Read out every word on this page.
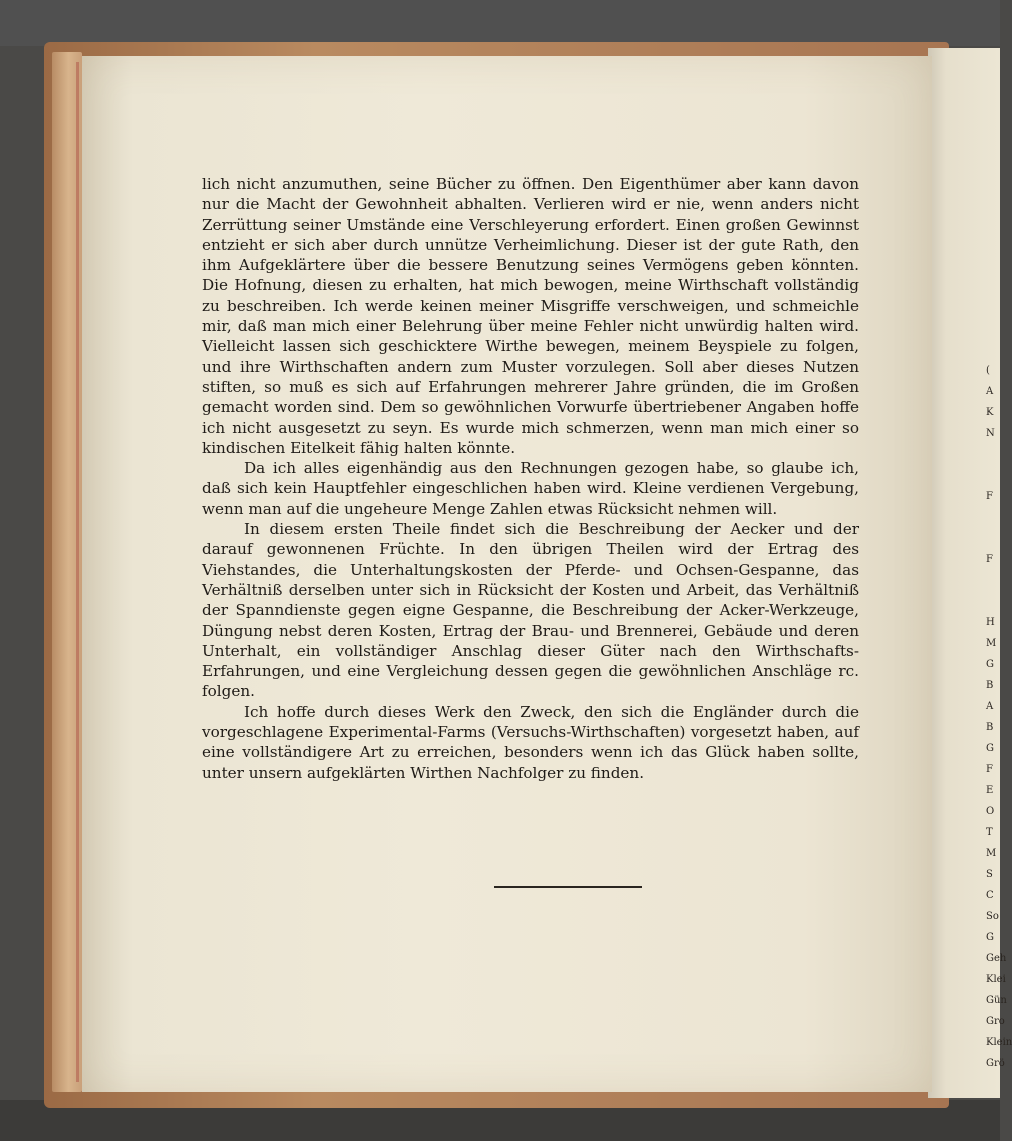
(
A
K
N

F

F

H
M
G
B
A
B
G
F
E
O
T
M
S
C
So
G
Geh
Klei
Gün
Gro
Klein
Grö

lich nicht anzumuthen, seine Bücher zu öffnen. Den Eigenthümer aber kann davon nur die Macht der Gewohnheit abhalten. Verlieren wird er nie, wenn anders nicht Zerrüttung seiner Umstände eine Verschleyerung erfordert. Einen großen Gewinnst entzieht er sich aber durch unnütze Verheimlichung. Dieser ist der gute Rath, den ihm Aufgeklärtere über die bessere Benutzung seines Vermögens geben könnten. Die Hofnung, diesen zu erhalten, hat mich bewogen, meine Wirthschaft vollständig zu beschreiben. Ich werde keinen meiner Misgriffe verschweigen, und schmeichle mir, daß man mich einer Belehrung über meine Fehler nicht unwürdig halten wird. Vielleicht lassen sich geschicktere Wirthe bewegen, meinem Beyspiele zu folgen, und ihre Wirthschaften andern zum Muster vorzulegen. Soll aber dieses Nutzen stiften, so muß es sich auf Erfahrungen mehrerer Jahre gründen, die im Großen gemacht worden sind. Dem so gewöhnlichen Vorwurfe übertriebener Angaben hoffe ich nicht ausgesetzt zu seyn. Es wurde mich schmerzen, wenn man mich einer so kindischen Eitelkeit fähig halten könnte.

Da ich alles eigenhändig aus den Rechnungen gezogen habe, so glaube ich, daß sich kein Hauptfehler eingeschlichen haben wird. Kleine verdienen Vergebung, wenn man auf die ungeheure Menge Zahlen etwas Rücksicht nehmen will.

In diesem ersten Theile findet sich die Beschreibung der Aecker und der darauf gewonnenen Früchte. In den übrigen Theilen wird der Ertrag des Viehstandes, die Unterhaltungskosten der Pferde- und Ochsen-Gespanne, das Verhältniß derselben unter sich in Rücksicht der Kosten und Arbeit, das Verhältniß der Spanndienste gegen eigne Gespanne, die Beschreibung der Acker-Werkzeuge, Düngung nebst deren Kosten, Ertrag der Brau- und Brennerei, Gebäude und deren Unterhalt, ein vollständiger Anschlag dieser Güter nach den Wirthschafts-Erfahrungen, und eine Vergleichung dessen gegen die gewöhnlichen Anschläge rc. folgen.

Ich hoffe durch dieses Werk den Zweck, den sich die Engländer durch die vorgeschlagene Experimental-Farms (Versuchs-Wirthschaften) vorgesetzt haben, auf eine vollständigere Art zu erreichen, besonders wenn ich das Glück haben sollte, unter unsern aufgeklärten Wirthen Nachfolger zu finden.
